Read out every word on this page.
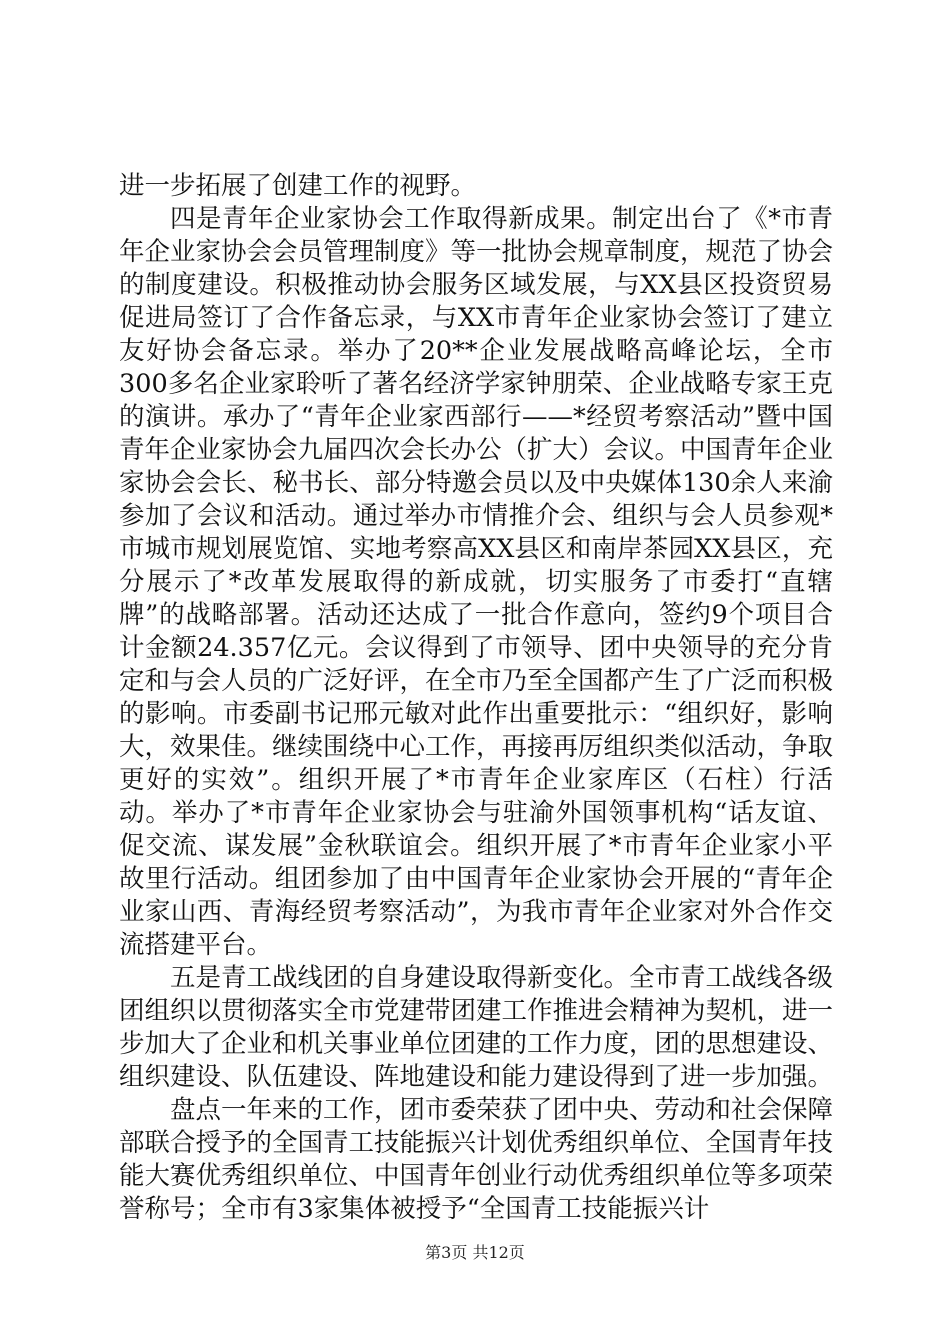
进一步拓展了创建工作的视野。

四是青年企业家协会工作取得新成果。制定出台了《*市青年企业家协会会员管理制度》等一批协会规章制度，规范了协会的制度建设。积极推动协会服务区域发展，与XX县区投资贸易促进局签订了合作备忘录，与XX市青年企业家协会签订了建立友好协会备忘录。举办了20**企业发展战略高峰论坛，全市300多名企业家聆听了著名经济学家钟朋荣、企业战略专家王克的演讲。承办了“青年企业家西部行——*经贸考察活动”暨中国青年企业家协会九届四次会长办公（扩大）会议。中国青年企业家协会会长、秘书长、部分特邀会员以及中央媒体130余人来渝参加了会议和活动。通过举办市情推介会、组织与会人员参观*市城市规划展览馆、实地考察高XX县区和南岸茶园XX县区，充分展示了*改革发展取得的新成就，切实服务了市委打“直辖牌”的战略部署。活动还达成了一批合作意向，签约9个项目合计金额24.357亿元。会议得到了市领导、团中央领导的充分肯定和与会人员的广泛好评，在全市乃至全国都产生了广泛而积极的影响。市委副书记邢元敏对此作出重要批示：“组织好，影响大，效果佳。继续围绕中心工作，再接再厉组织类似活动，争取更好的实效”。组织开展了*市青年企业家库区（石柱）行活动。举办了*市青年企业家协会与驻渝外国领事机构“话友谊、促交流、谋发展”金秋联谊会。组织开展了*市青年企业家小平故里行活动。组团参加了由中国青年企业家协会开展的“青年企业家山西、青海经贸考察活动”，为我市青年企业家对外合作交流搭建平台。

五是青工战线团的自身建设取得新变化。全市青工战线各级团组织以贯彻落实全市党建带团建工作推进会精神为契机，进一步加大了企业和机关事业单位团建的工作力度，团的思想建设、组织建设、队伍建设、阵地建设和能力建设得到了进一步加强。

盘点一年来的工作，团市委荣获了团中央、劳动和社会保障部联合授予的全国青工技能振兴计划优秀组织单位、全国青年技能大赛优秀组织单位、中国青年创业行动优秀组织单位等多项荣誉称号；全市有3家集体被授予“全国青工技能振兴计

第3页 共12页
